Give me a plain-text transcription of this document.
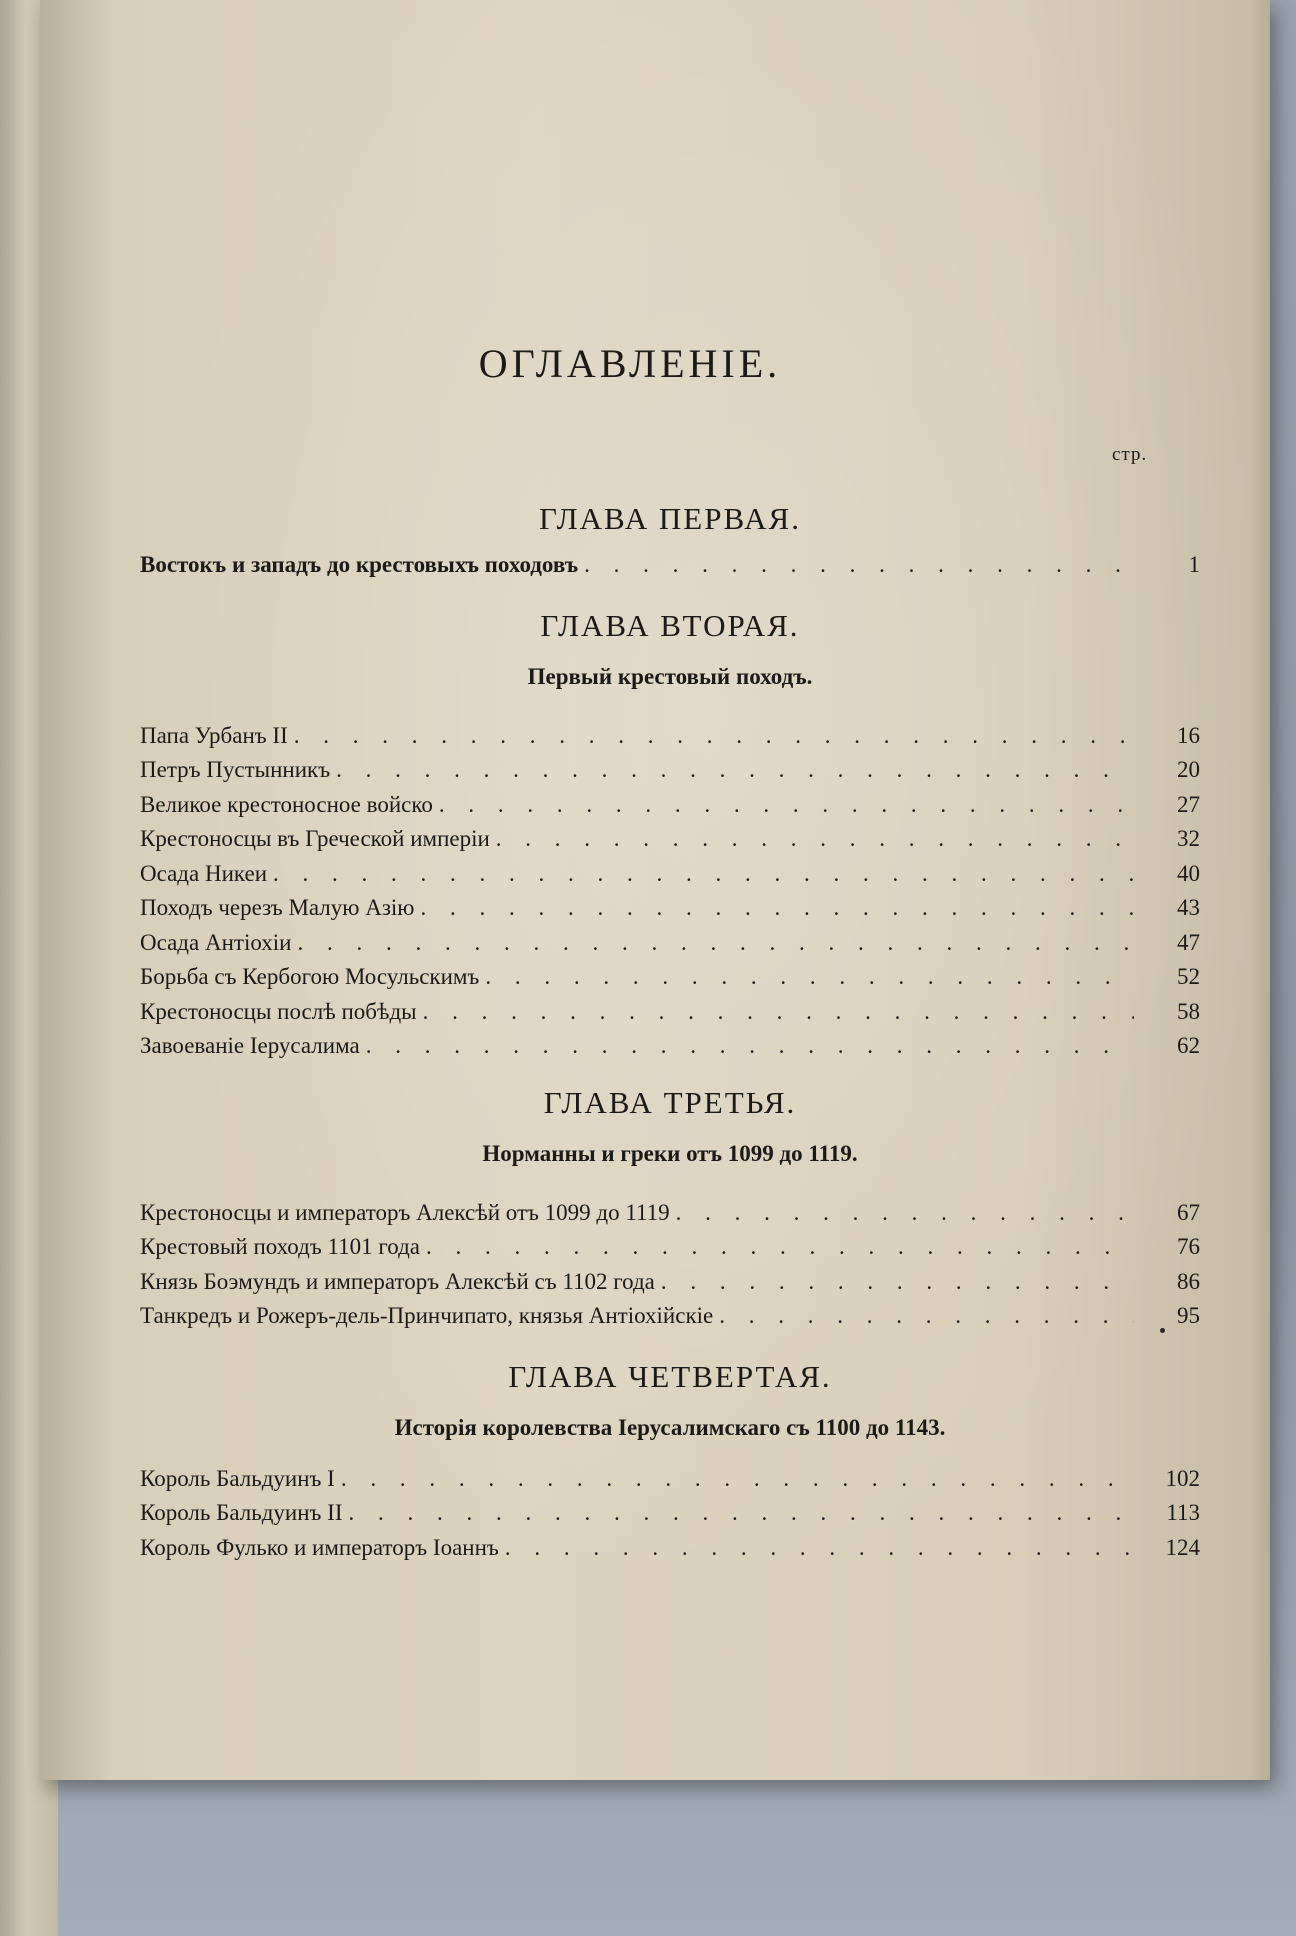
ОГЛАВЛЕНІЕ.
стр.
ГЛАВА ПЕРВАЯ.
Востокъ и западъ до крестовыхъ походовъ . . .	1
ГЛАВА ВТОРАЯ.
Первый крестовый походъ.
Папа Урбанъ II . . .	16
Петръ Пустынникъ . . .	20
Великое крестоносное войско . . .	27
Крестоносцы въ Греческой имперіи . . .	32
Осада Никеи . . .	40
Походъ черезъ Малую Азію . . .	43
Осада Антіохіи . . .	47
Борьба съ Кербогою Мосульскимъ . . .	52
Крестоносцы послѣ побѣды . . .	58
Завоеваніе Іерусалима . . .	62
ГЛАВА ТРЕТЬЯ.
Норманны и греки отъ 1099 до 1119.
Крестоносцы и императоръ Алексѣй отъ 1099 до 1119 . . .	67
Крестовый походъ 1101 года . . .	76
Князь Боэмундъ и императоръ Алексѣй съ 1102 года . . .	86
Танкредъ и Рожеръ-дель-Принчипато, князья Антіохійскіе . . .	95
ГЛАВА ЧЕТВЕРТАЯ.
Исторія королевства Іерусалимскаго съ 1100 до 1143.
Король Бальдуинъ I . . .	102
Король Бальдуинъ II . . .	113
Король Фулько и императоръ Іоаннъ . . .	124
